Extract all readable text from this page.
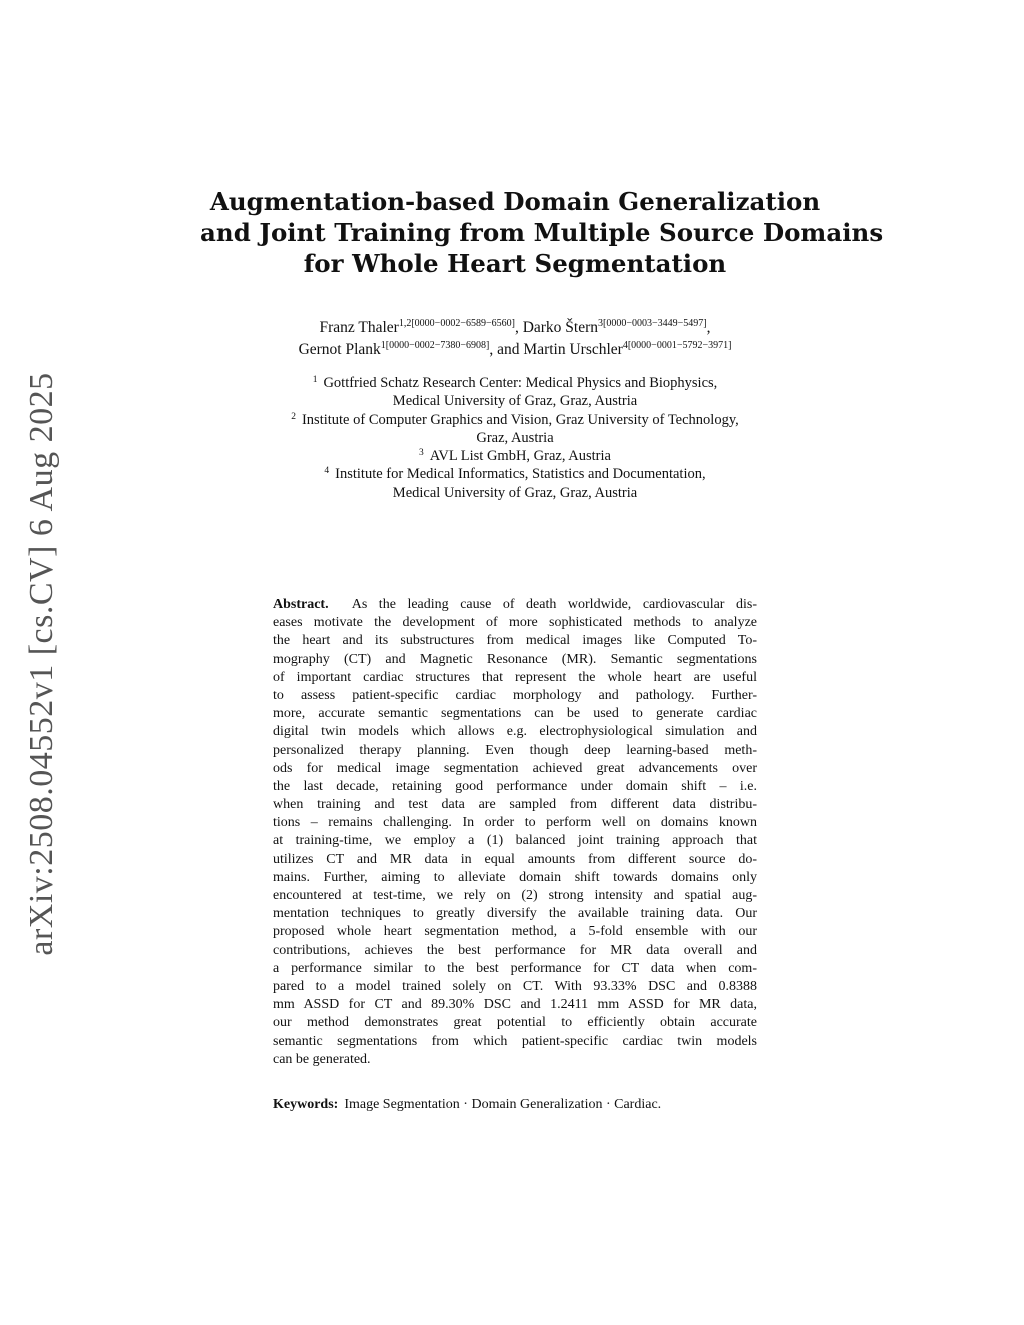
arXiv:2508.04552v1 [cs.CV] 6 Aug 2025
Augmentation-based Domain Generalization
and Joint Training from Multiple Source Domains
for Whole Heart Segmentation
Franz Thaler$^{1,2[0000-0002-6589-6560]}$, Darko Štern$^{3[0000-0003-3449-5497]}$,
Gernot Plank$^{1[0000-0002-7380-6908]}$, and Martin Urschler$^{4[0000-0001-5792-3971]}$
$^1$ Gottfried Schatz Research Center: Medical Physics and Biophysics,
Medical University of Graz, Graz, Austria
$^2$ Institute of Computer Graphics and Vision, Graz University of Technology,
Graz, Austria
$^3$ AVL List GmbH, Graz, Austria
$^4$ Institute for Medical Informatics, Statistics and Documentation,
Medical University of Graz, Graz, Austria
Abstract. As the leading cause of death worldwide, cardiovascular dis-
eases motivate the development of more sophisticated methods to analyze
the heart and its substructures from medical images like Computed To-
mography (CT) and Magnetic Resonance (MR). Semantic segmentations
of important cardiac structures that represent the whole heart are useful
to assess patient-specific cardiac morphology and pathology. Further-
more, accurate semantic segmentations can be used to generate cardiac
digital twin models which allows e.g. electrophysiological simulation and
personalized therapy planning. Even though deep learning-based meth-
ods for medical image segmentation achieved great advancements over
the last decade, retaining good performance under domain shift – i.e.
when training and test data are sampled from different data distribu-
tions – remains challenging. In order to perform well on domains known
at training-time, we employ a (1) balanced joint training approach that
utilizes CT and MR data in equal amounts from different source do-
mains. Further, aiming to alleviate domain shift towards domains only
encountered at test-time, we rely on (2) strong intensity and spatial aug-
mentation techniques to greatly diversify the available training data. Our
proposed whole heart segmentation method, a 5-fold ensemble with our
contributions, achieves the best performance for MR data overall and
a performance similar to the best performance for CT data when com-
pared to a model trained solely on CT. With 93.33% DSC and 0.8388
mm ASSD for CT and 89.30% DSC and 1.2411 mm ASSD for MR data,
our method demonstrates great potential to efficiently obtain accurate
semantic segmentations from which patient-specific cardiac twin models
can be generated.
Keywords: Image Segmentation · Domain Generalization · Cardiac.
